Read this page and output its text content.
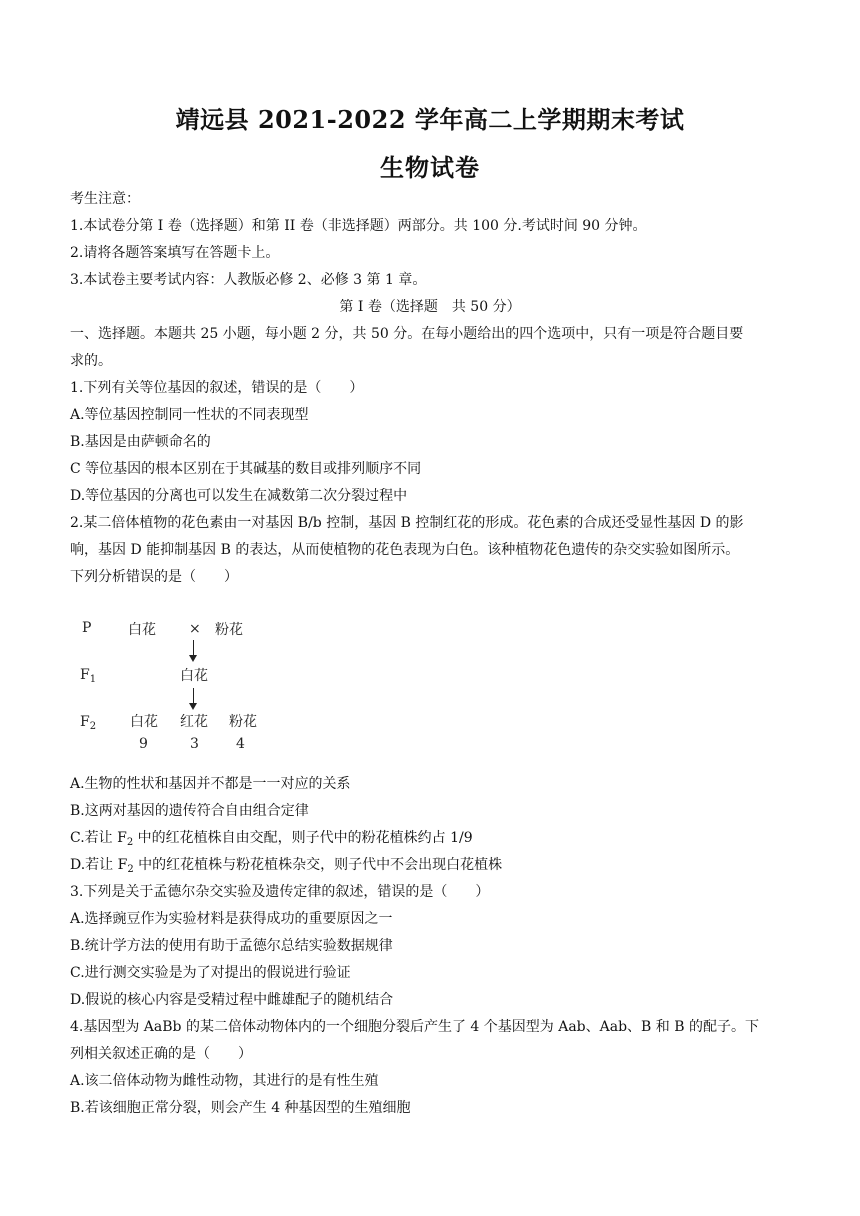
靖远县 2021-2022 学年高二上学期期末考试
生物试卷
考生注意：
1.本试卷分第 I 卷（选择题）和第 II 卷（非选择题）两部分。共 100 分.考试时间 90 分钟。
2.请将各题答案填写在答题卡上。
3.本试卷主要考试内容：人教版必修 2、必修 3 第 1 章。
第 I 卷（选择题　共 50 分）
一、选择题。本题共 25 小题，每小题 2 分，共 50 分。在每小题给出的四个选项中，只有一项是符合题目要
求的。
1.下列有关等位基因的叙述，错误的是（　　）
A.等位基因控制同一性状的不同表现型
B.基因是由萨顿命名的
C 等位基因的根本区别在于其碱基的数目或排列顺序不同
D.等位基因的分离也可以发生在减数第二次分裂过程中
2.某二倍体植物的花色素由一对基因 B/b 控制，基因 B 控制红花的形成。花色素的合成还受显性基因 D 的影
响，基因 D 能抑制基因 B 的表达，从而使植物的花色表现为白色。该种植物花色遗传的杂交实验如图所示。
下列分析错误的是（　　）
P	白花 × 粉花
$F_1$	白花
$F_2$ 白花 红花 粉花
9	3	4
A.生物的性状和基因并不都是一一对应的关系
B.这两对基因的遗传符合自由组合定律
C.若让 $F_2$ 中的红花植株自由交配，则子代中的粉花植株约占 1/9
D.若让 $F_2$ 中的红花植株与粉花植株杂交，则子代中不会出现白花植株
3.下列是关于孟德尔杂交实验及遗传定律的叙述，错误的是（　　）
A.选择豌豆作为实验材料是获得成功的重要原因之一
B.统计学方法的使用有助于孟德尔总结实验数据规律
C.进行测交实验是为了对提出的假说进行验证
D.假说的核心内容是受精过程中雌雄配子的随机结合
4.基因型为 AaBb 的某二倍体动物体内的一个细胞分裂后产生了 4 个基因型为 Aab、Aab、B 和 B 的配子。下
列相关叙述正确的是（　　）
A.该二倍体动物为雌性动物，其进行的是有性生殖
B.若该细胞正常分裂，则会产生 4 种基因型的生殖细胞
